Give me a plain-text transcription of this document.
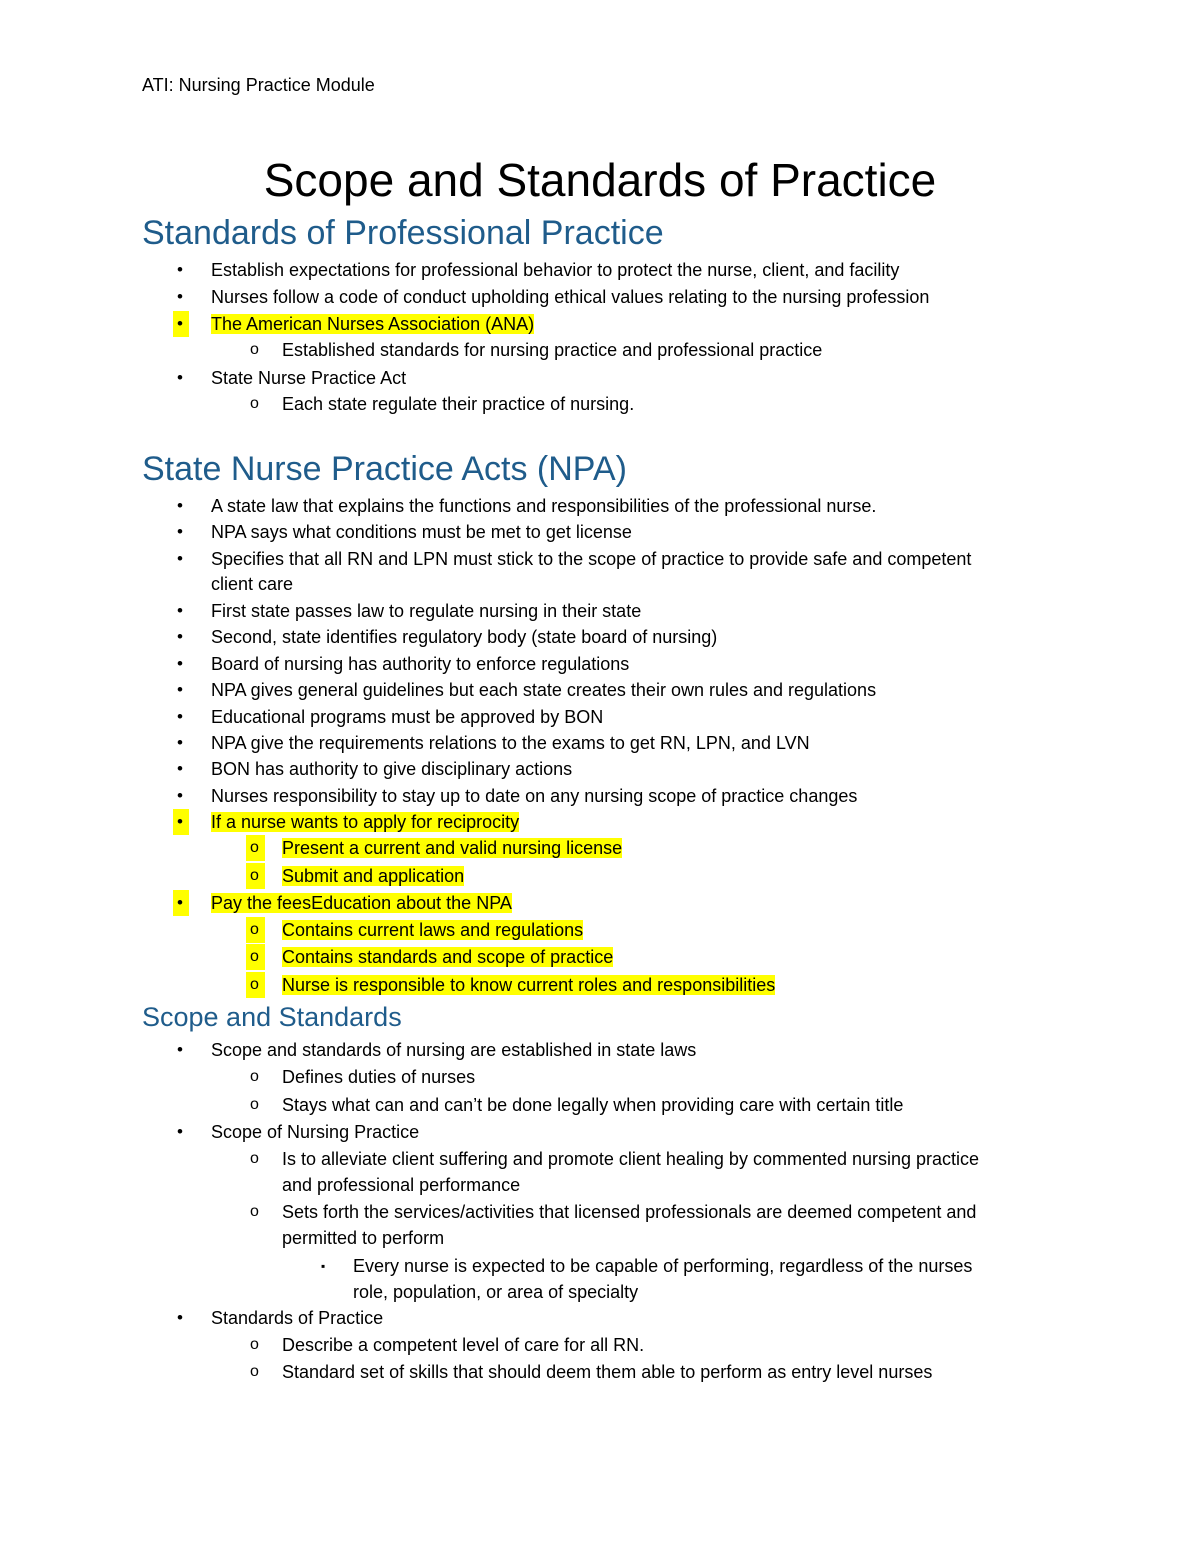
ATI: Nursing Practice Module
Scope and Standards of Practice
Standards of Professional Practice
• Establish expectations for professional behavior to protect the nurse, client, and facility
• Nurses follow a code of conduct upholding ethical values relating to the nursing profession
•	The American Nurses Association (ANA)
o Established standards for nursing practice and professional practice
• State Nurse Practice Act
o Each state regulate their practice of nursing.
State Nurse Practice Acts (NPA)
• A state law that explains the functions and responsibilities of the professional nurse.
• NPA says what conditions must be met to get license
• Specifies that all RN and LPN must stick to the scope of practice to provide safe and competent
client care
• First state passes law to regulate nursing in their state
• Second, state identifies regulatory body (state board of nursing)
• Board of nursing has authority to enforce regulations
• NPA gives general guidelines but each state creates their own rules and regulations
• Educational programs must be approved by BON
• NPA give the requirements relations to the exams to get RN, LPN, and LVN
• BON has authority to give disciplinary actions
• Nurses responsibility to stay up to date on any nursing scope of practice changes
•	If a nurse wants to apply for reciprocity
o	Present a current and valid nursing license
o	Submit and application
•	Pay the feesEducation about the NPA
o	Contains current laws and regulations
o	Contains standards and scope of practice
o	Nurse is responsible to know current roles and responsibilities
Scope and Standards
• Scope and standards of nursing are established in state laws
o Defines duties of nurses
o Stays what can and can’t be done legally when providing care with certain title
• Scope of Nursing Practice
o Is to alleviate client suffering and promote client healing by commented nursing practice
and professional performance
o Sets forth the services/activities that licensed professionals are deemed competent and
permitted to perform
▪ Every nurse is expected to be capable of performing, regardless of the nurses
role, population, or area of specialty
• Standards of Practice
o Describe a competent level of care for all RN.
o Standard set of skills that should deem them able to perform as entry level nurses
